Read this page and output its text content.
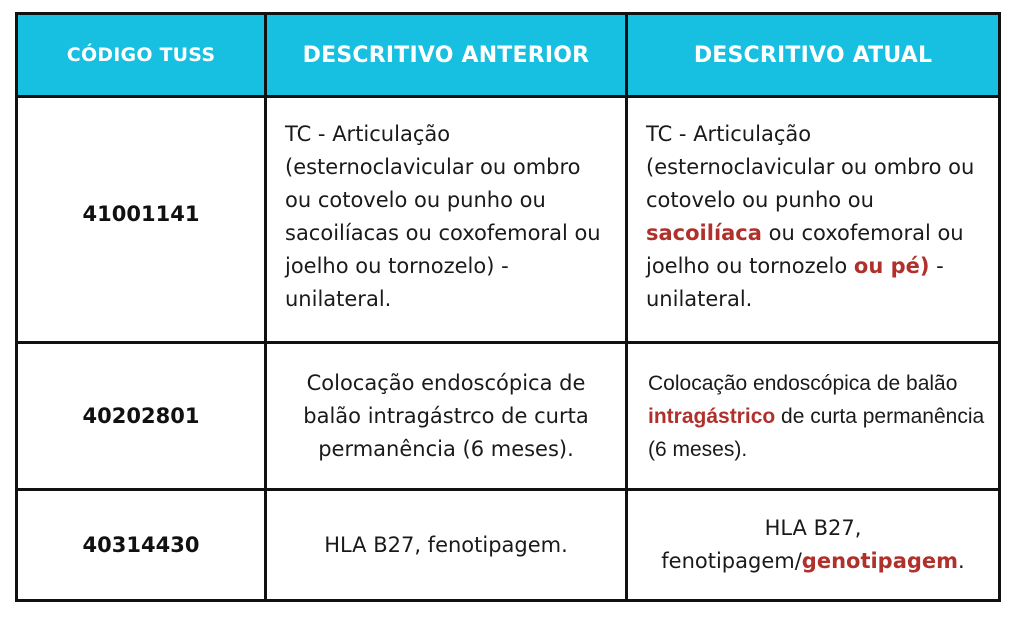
CÓDIGO TUSS	DESCRITIVO ANTERIOR	DESCRITIVO ATUAL
41001141	TC - Articulação (esternoclavicular ou ombro ou cotovelo ou punho ou sacoilíacas ou coxofemoral ou joelho ou tornozelo) - unilateral.	TC - Articulação (esternoclavicular ou ombro ou cotovelo ou punho ou sacoilíaca ou coxofemoral ou joelho ou tornozelo ou pé) - unilateral.
40202801	Colocação endoscópica de balão intragástrco de curta permanência (6 meses).	Colocação endoscópica de balão intragástrico de curta permanência (6 meses).
40314430	HLA B27, fenotipagem.	HLA B27, fenotipagem/genotipagem.
